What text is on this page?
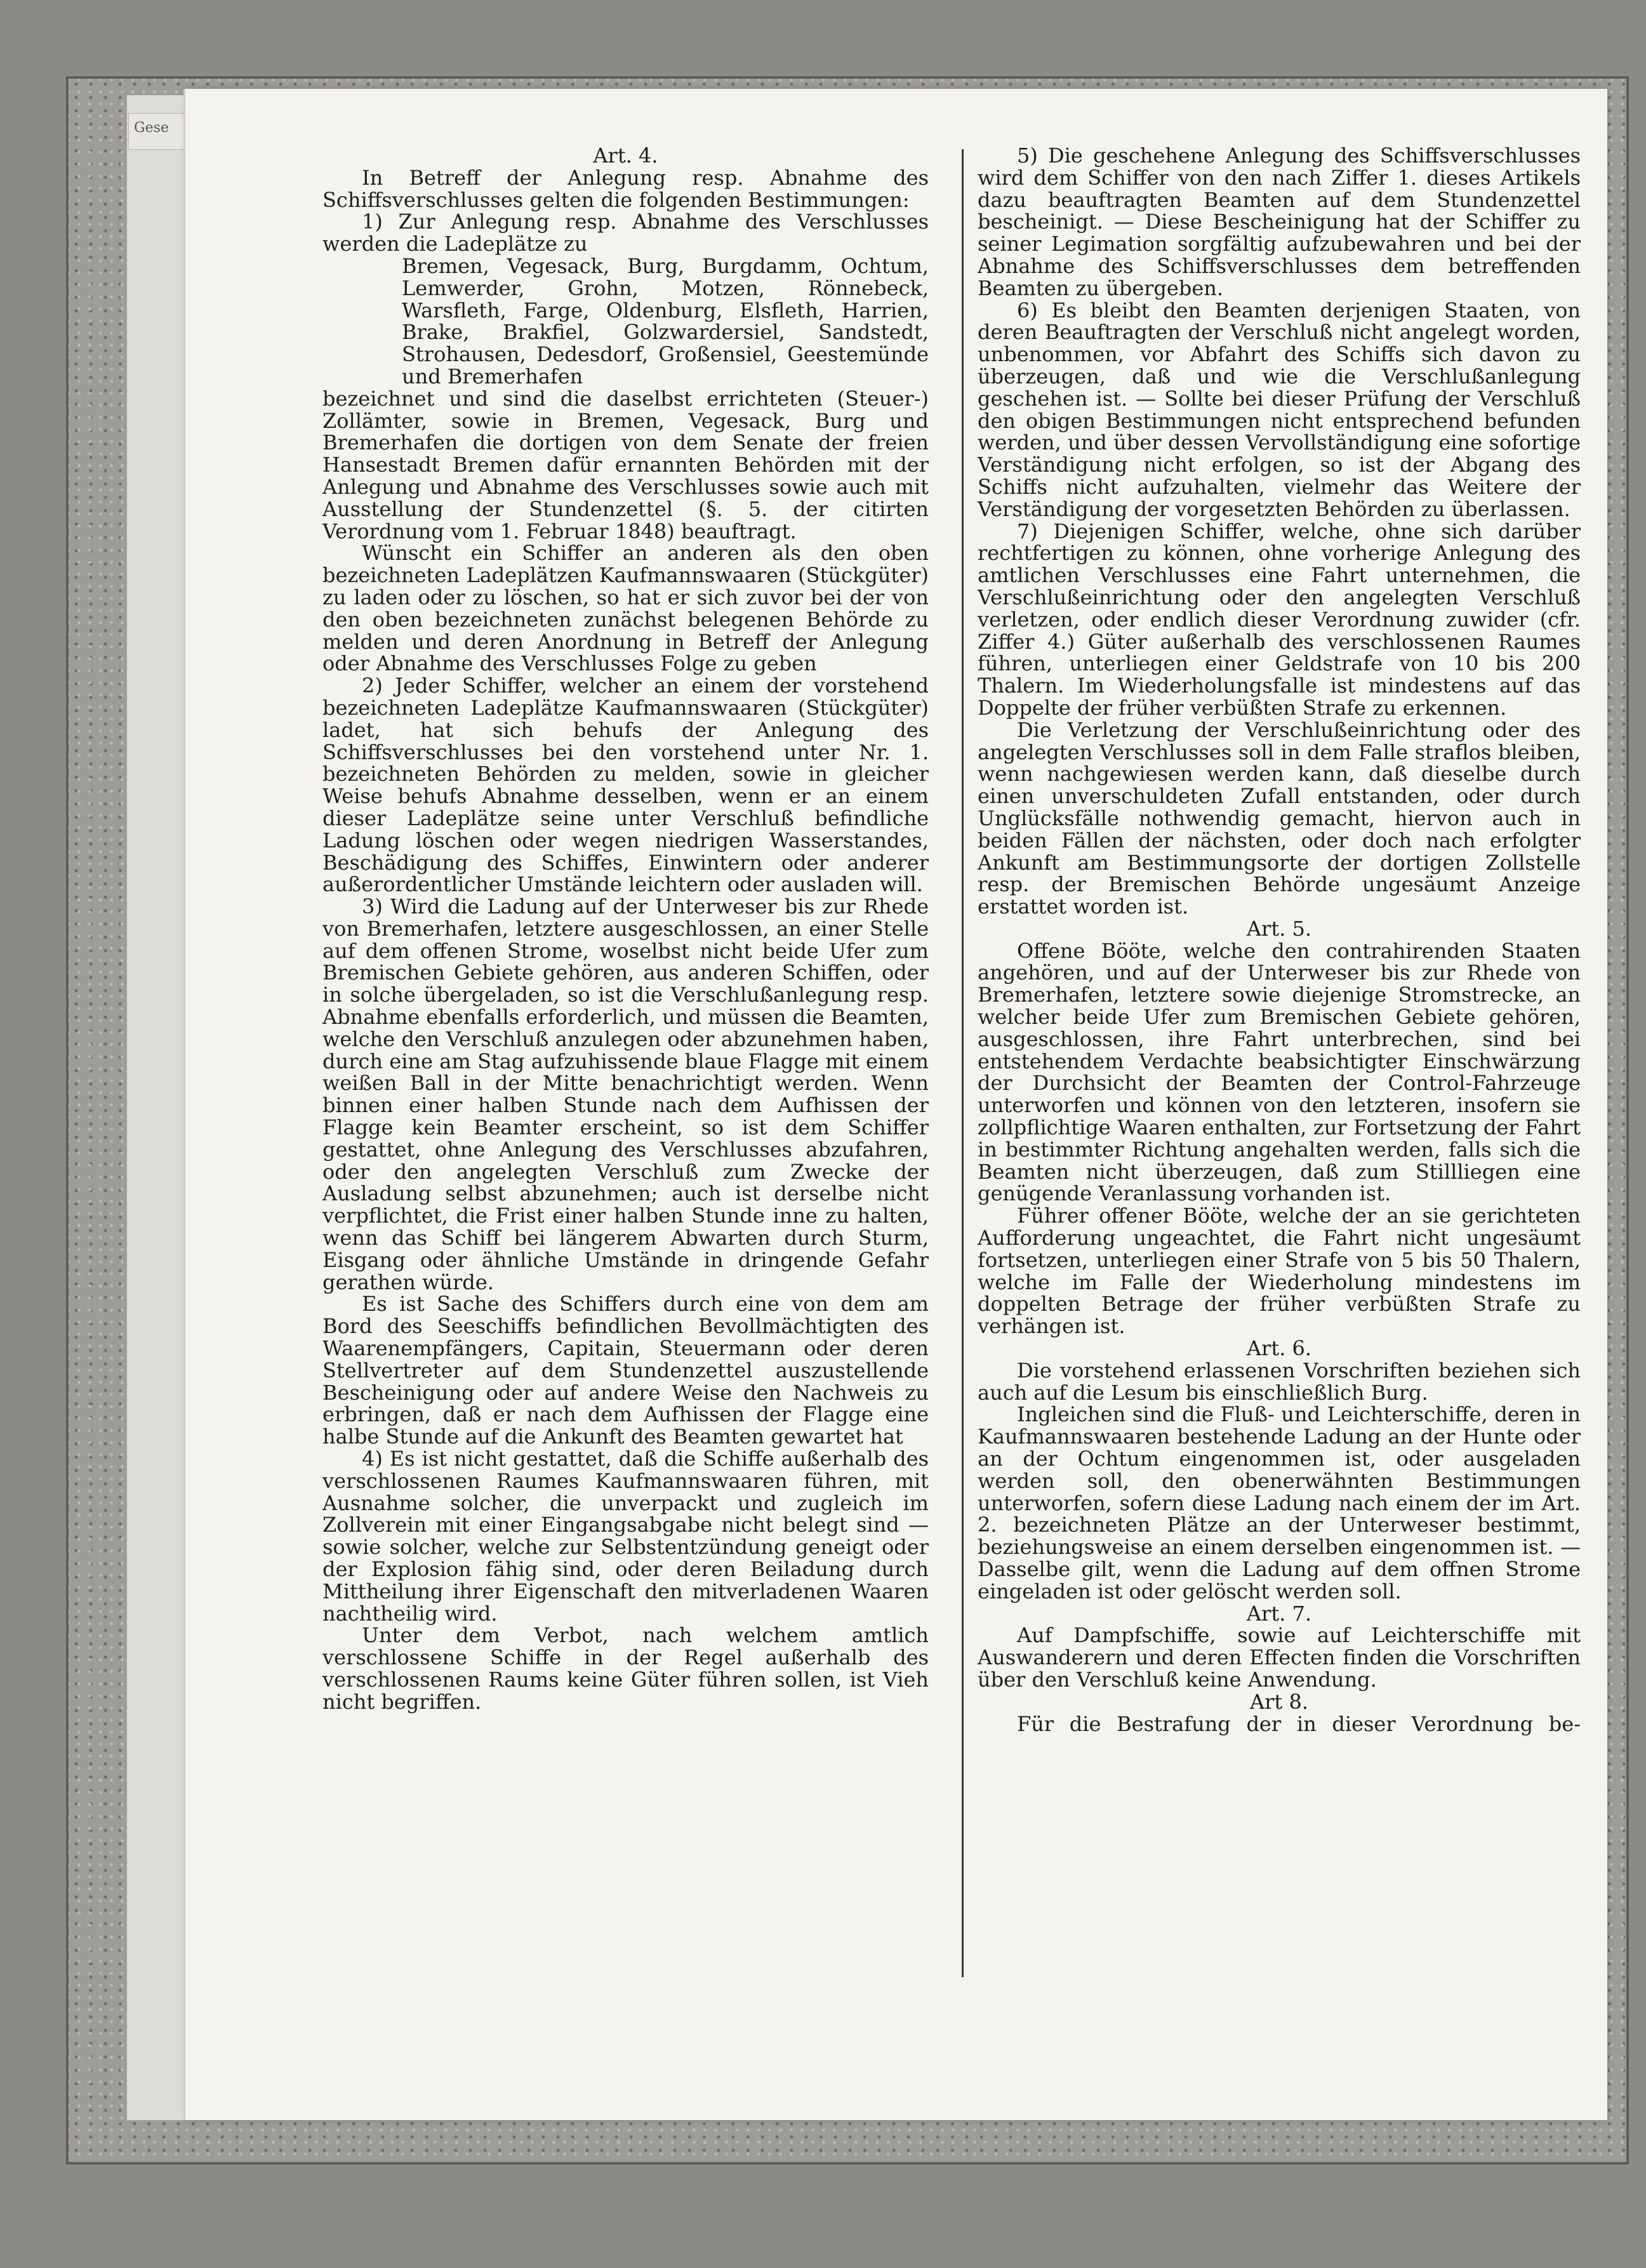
Gese
Art. 4.

In Betreff der Anlegung resp. Abnahme des Schiffsverschlusses gelten die folgenden Bestimmungen:

1) Zur Anlegung resp. Abnahme des Verschlusses werden die Ladeplätze zu

Bremen, Vegesack, Burg, Burgdamm, Ochtum, Lemwerder, Grohn, Motzen, Rönnebeck, Warsfleth, Farge, Oldenburg, Elsfleth, Harrien, Brake, Brakfiel, Golzwardersiel, Sandstedt, Strohausen, Dedesdorf, Großensiel, Geestemünde und Bremerhafen

bezeichnet und sind die daselbst errichteten (Steuer-) Zollämter, sowie in Bremen, Vegesack, Burg und Bremerhafen die dortigen von dem Senate der freien Hansestadt Bremen dafür ernannten Behörden mit der Anlegung und Abnahme des Verschlusses sowie auch mit Ausstellung der Stundenzettel (§. 5. der citirten Verordnung vom 1. Februar 1848) beauftragt.

Wünscht ein Schiffer an anderen als den oben bezeichneten Ladeplätzen Kaufmannswaaren (Stückgüter) zu laden oder zu löschen, so hat er sich zuvor bei der von den oben bezeichneten zunächst belegenen Behörde zu melden und deren Anordnung in Betreff der Anlegung oder Abnahme des Verschlusses Folge zu geben

2) Jeder Schiffer, welcher an einem der vorstehend bezeichneten Ladeplätze Kaufmannswaaren (Stückgüter) ladet, hat sich behufs der Anlegung des Schiffsverschlusses bei den vorstehend unter Nr. 1. bezeichneten Behörden zu melden, sowie in gleicher Weise behufs Abnahme desselben, wenn er an einem dieser Ladeplätze seine unter Verschluß befindliche Ladung löschen oder wegen niedrigen Wasserstandes, Beschädigung des Schiffes, Einwintern oder anderer außerordentlicher Umstände leichtern oder ausladen will.

3) Wird die Ladung auf der Unterweser bis zur Rhede von Bremerhafen, letztere ausgeschlossen, an einer Stelle auf dem offenen Strome, woselbst nicht beide Ufer zum Bremischen Gebiete gehören, aus anderen Schiffen, oder in solche übergeladen, so ist die Verschlußanlegung resp. Abnahme ebenfalls erforderlich, und müssen die Beamten, welche den Verschluß anzulegen oder abzunehmen haben, durch eine am Stag aufzuhissende blaue Flagge mit einem weißen Ball in der Mitte benachrichtigt werden. Wenn binnen einer halben Stunde nach dem Aufhissen der Flagge kein Beamter erscheint, so ist dem Schiffer gestattet, ohne Anlegung des Verschlusses abzufahren, oder den angelegten Verschluß zum Zwecke der Ausladung selbst abzunehmen; auch ist derselbe nicht verpflichtet, die Frist einer halben Stunde inne zu halten, wenn das Schiff bei längerem Abwarten durch Sturm, Eisgang oder ähnliche Umstände in dringende Gefahr gerathen würde.

Es ist Sache des Schiffers durch eine von dem am Bord des Seeschiffs befindlichen Bevollmächtigten des Waarenempfängers, Capitain, Steuermann oder deren Stellvertreter auf dem Stundenzettel auszustellende Bescheinigung oder auf andere Weise den Nachweis zu erbringen, daß er nach dem Aufhissen der Flagge eine halbe Stunde auf die Ankunft des Beamten gewartet hat

4) Es ist nicht gestattet, daß die Schiffe außerhalb des verschlossenen Raumes Kaufmannswaaren führen, mit Ausnahme solcher, die unverpackt und zugleich im Zollverein mit einer Eingangsabgabe nicht belegt sind — sowie solcher, welche zur Selbstentzündung geneigt oder der Explosion fähig sind, oder deren Beiladung durch Mittheilung ihrer Eigenschaft den mitverladenen Waaren nachtheilig wird.

Unter dem Verbot, nach welchem amtlich verschlossene Schiffe in der Regel außerhalb des verschlossenen Raums keine Güter führen sollen, ist Vieh nicht begriffen.

5) Die geschehene Anlegung des Schiffsverschlusses wird dem Schiffer von den nach Ziffer 1. dieses Artikels dazu beauftragten Beamten auf dem Stundenzettel bescheinigt. — Diese Bescheinigung hat der Schiffer zu seiner Legimation sorgfältig aufzubewahren und bei der Abnahme des Schiffsverschlusses dem betreffenden Beamten zu übergeben.

6) Es bleibt den Beamten derjenigen Staaten, von deren Beauftragten der Verschluß nicht angelegt worden, unbenommen, vor Abfahrt des Schiffs sich davon zu überzeugen, daß und wie die Verschlußanlegung geschehen ist. — Sollte bei dieser Prüfung der Verschluß den obigen Bestimmungen nicht entsprechend befunden werden, und über dessen Vervollständigung eine sofortige Verständigung nicht erfolgen, so ist der Abgang des Schiffs nicht aufzuhalten, vielmehr das Weitere der Verständigung der vorgesetzten Behörden zu überlassen.

7) Diejenigen Schiffer, welche, ohne sich darüber rechtfertigen zu können, ohne vorherige Anlegung des amtlichen Verschlusses eine Fahrt unternehmen, die Verschlußeinrichtung oder den angelegten Verschluß verletzen, oder endlich dieser Verordnung zuwider (cfr. Ziffer 4.) Güter außerhalb des verschlossenen Raumes führen, unterliegen einer Geldstrafe von 10 bis 200 Thalern. Im Wiederholungsfalle ist mindestens auf das Doppelte der früher verbüßten Strafe zu erkennen.

Die Verletzung der Verschlußeinrichtung oder des angelegten Verschlusses soll in dem Falle straflos bleiben, wenn nachgewiesen werden kann, daß dieselbe durch einen unverschuldeten Zufall entstanden, oder durch Unglücksfälle nothwendig gemacht, hiervon auch in beiden Fällen der nächsten, oder doch nach erfolgter Ankunft am Bestimmungsorte der dortigen Zollstelle resp. der Bremischen Behörde ungesäumt Anzeige erstattet worden ist.

Art. 5.

Offene Bööte, welche den contrahirenden Staaten angehören, und auf der Unterweser bis zur Rhede von Bremerhafen, letztere sowie diejenige Stromstrecke, an welcher beide Ufer zum Bremischen Gebiete gehören, ausgeschlossen, ihre Fahrt unterbrechen, sind bei entstehendem Verdachte beabsichtigter Einschwärzung der Durchsicht der Beamten der Control-Fahrzeuge unterworfen und können von den letzteren, insofern sie zollpflichtige Waaren enthalten, zur Fortsetzung der Fahrt in bestimmter Richtung angehalten werden, falls sich die Beamten nicht überzeugen, daß zum Stillliegen eine genügende Veranlassung vorhanden ist.

Führer offener Bööte, welche der an sie gerichteten Aufforderung ungeachtet, die Fahrt nicht ungesäumt fortsetzen, unterliegen einer Strafe von 5 bis 50 Thalern, welche im Falle der Wiederholung mindestens im doppelten Betrage der früher verbüßten Strafe zu verhängen ist.

Art. 6.

Die vorstehend erlassenen Vorschriften beziehen sich auch auf die Lesum bis einschließlich Burg.

Ingleichen sind die Fluß- und Leichterschiffe, deren in Kaufmannswaaren bestehende Ladung an der Hunte oder an der Ochtum eingenommen ist, oder ausgeladen werden soll, den obenerwähnten Bestimmungen unterworfen, sofern diese Ladung nach einem der im Art. 2. bezeichneten Plätze an der Unterweser bestimmt, beziehungsweise an einem derselben eingenommen ist. — Dasselbe gilt, wenn die Ladung auf dem offnen Strome eingeladen ist oder gelöscht werden soll.

Art. 7.

Auf Dampfschiffe, sowie auf Leichterschiffe mit Auswanderern und deren Effecten finden die Vorschriften über den Verschluß keine Anwendung.

Art 8.

Für die Bestrafung der in dieser Verordnung be-
